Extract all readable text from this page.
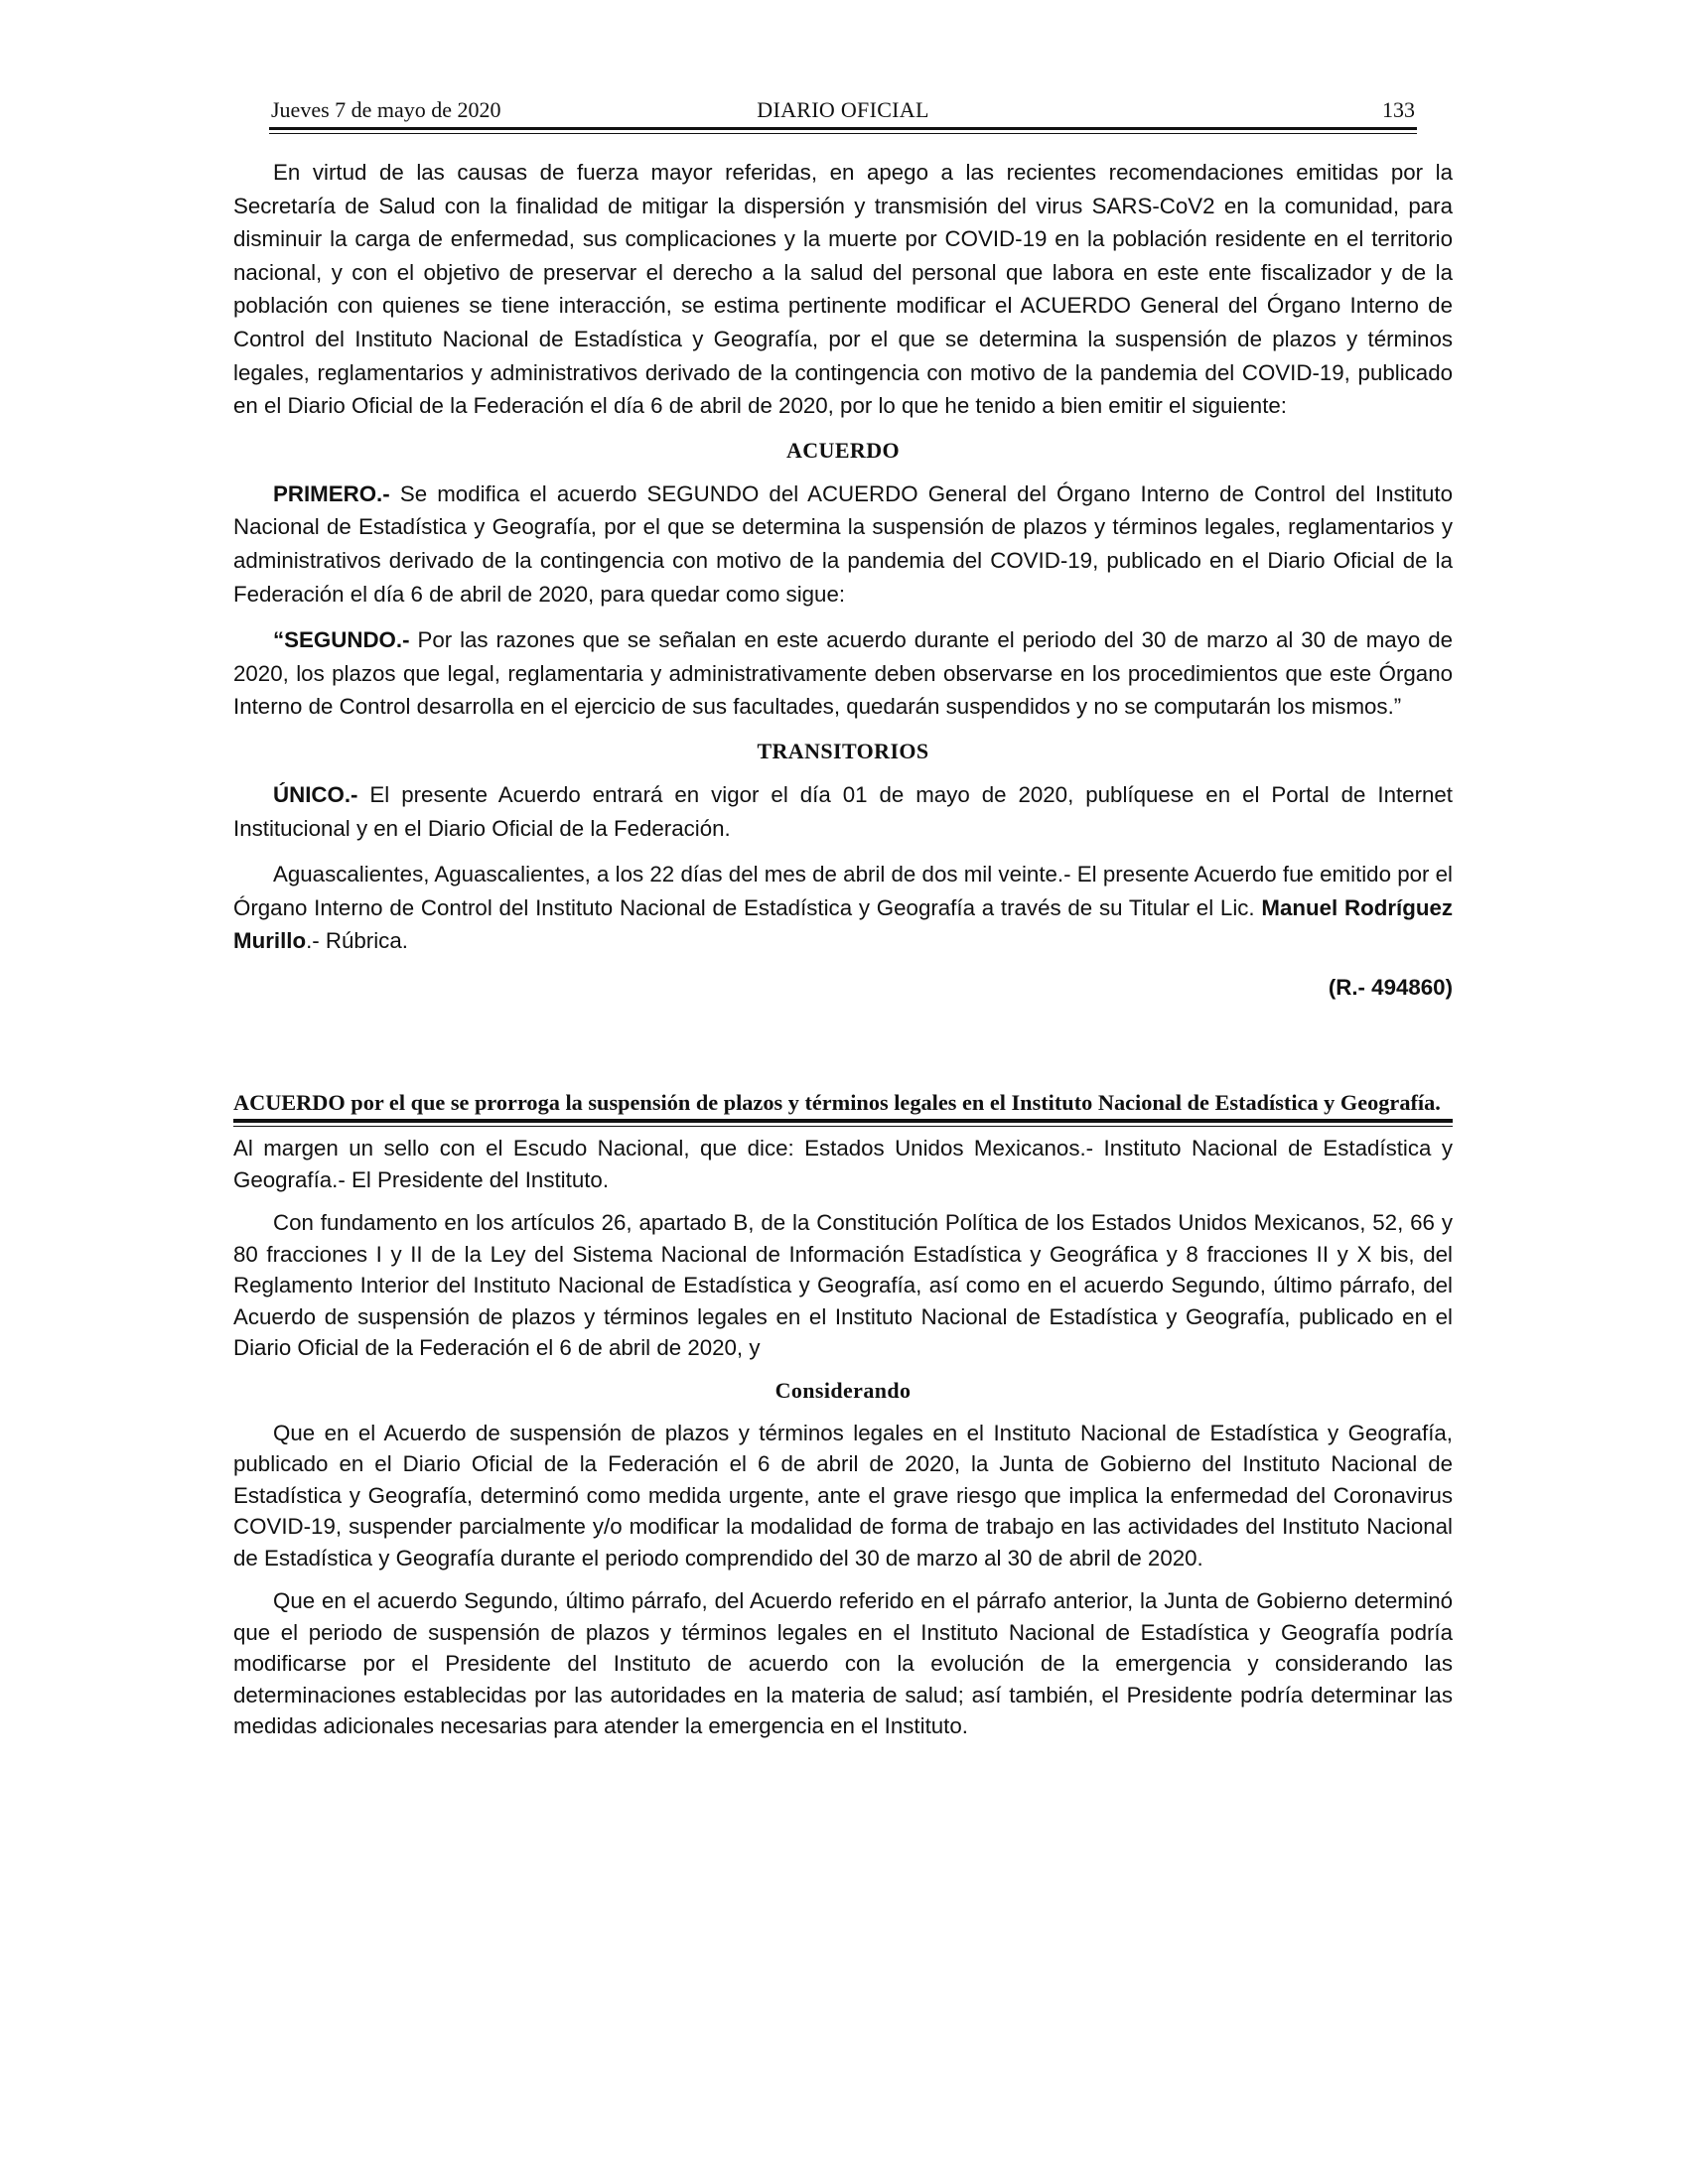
Jueves 7 de mayo de 2020	DIARIO OFICIAL	133

En virtud de las causas de fuerza mayor referidas, en apego a las recientes recomendaciones emitidas por la Secretaría de Salud con la finalidad de mitigar la dispersión y transmisión del virus SARS-CoV2 en la comunidad, para disminuir la carga de enfermedad, sus complicaciones y la muerte por COVID-19 en la población residente en el territorio nacional, y con el objetivo de preservar el derecho a la salud del personal que labora en este ente fiscalizador y de la población con quienes se tiene interacción, se estima pertinente modificar el ACUERDO General del Órgano Interno de Control del Instituto Nacional de Estadística y Geografía, por el que se determina la suspensión de plazos y términos legales, reglamentarios y administrativos derivado de la contingencia con motivo de la pandemia del COVID-19, publicado en el Diario Oficial de la Federación el día 6 de abril de 2020, por lo que he tenido a bien emitir el siguiente:

ACUERDO

PRIMERO.- Se modifica el acuerdo SEGUNDO del ACUERDO General del Órgano Interno de Control del Instituto Nacional de Estadística y Geografía, por el que se determina la suspensión de plazos y términos legales, reglamentarios y administrativos derivado de la contingencia con motivo de la pandemia del COVID-19, publicado en el Diario Oficial de la Federación el día 6 de abril de 2020, para quedar como sigue:

“SEGUNDO.- Por las razones que se señalan en este acuerdo durante el periodo del 30 de marzo al 30 de mayo de 2020, los plazos que legal, reglamentaria y administrativamente deben observarse en los procedimientos que este Órgano Interno de Control desarrolla en el ejercicio de sus facultades, quedarán suspendidos y no se computarán los mismos.”

TRANSITORIOS

ÚNICO.- El presente Acuerdo entrará en vigor el día 01 de mayo de 2020, publíquese en el Portal de Internet Institucional y en el Diario Oficial de la Federación.

Aguascalientes, Aguascalientes, a los 22 días del mes de abril de dos mil veinte.- El presente Acuerdo fue emitido por el Órgano Interno de Control del Instituto Nacional de Estadística y Geografía a través de su Titular el Lic. Manuel Rodríguez Murillo.- Rúbrica.

(R.- 494860)
ACUERDO por el que se prorroga la suspensión de plazos y términos legales en el Instituto Nacional de Estadística y Geografía.

Al margen un sello con el Escudo Nacional, que dice: Estados Unidos Mexicanos.- Instituto Nacional de Estadística y Geografía.- El Presidente del Instituto.

Con fundamento en los artículos 26, apartado B, de la Constitución Política de los Estados Unidos Mexicanos, 52, 66 y 80 fracciones I y II de la Ley del Sistema Nacional de Información Estadística y Geográfica y 8 fracciones II y X bis, del Reglamento Interior del Instituto Nacional de Estadística y Geografía, así como en el acuerdo Segundo, último párrafo, del Acuerdo de suspensión de plazos y términos legales en el Instituto Nacional de Estadística y Geografía, publicado en el Diario Oficial de la Federación el 6 de abril de 2020, y

Considerando

Que en el Acuerdo de suspensión de plazos y términos legales en el Instituto Nacional de Estadística y Geografía, publicado en el Diario Oficial de la Federación el 6 de abril de 2020, la Junta de Gobierno del Instituto Nacional de Estadística y Geografía, determinó como medida urgente, ante el grave riesgo que implica la enfermedad del Coronavirus COVID-19, suspender parcialmente y/o modificar la modalidad de forma de trabajo en las actividades del Instituto Nacional de Estadística y Geografía durante el periodo comprendido del 30 de marzo al 30 de abril de 2020.

Que en el acuerdo Segundo, último párrafo, del Acuerdo referido en el párrafo anterior, la Junta de Gobierno determinó que el periodo de suspensión de plazos y términos legales en el Instituto Nacional de Estadística y Geografía podría modificarse por el Presidente del Instituto de acuerdo con la evolución de la emergencia y considerando las determinaciones establecidas por las autoridades en la materia de salud; así también, el Presidente podría determinar las medidas adicionales necesarias para atender la emergencia en el Instituto.
